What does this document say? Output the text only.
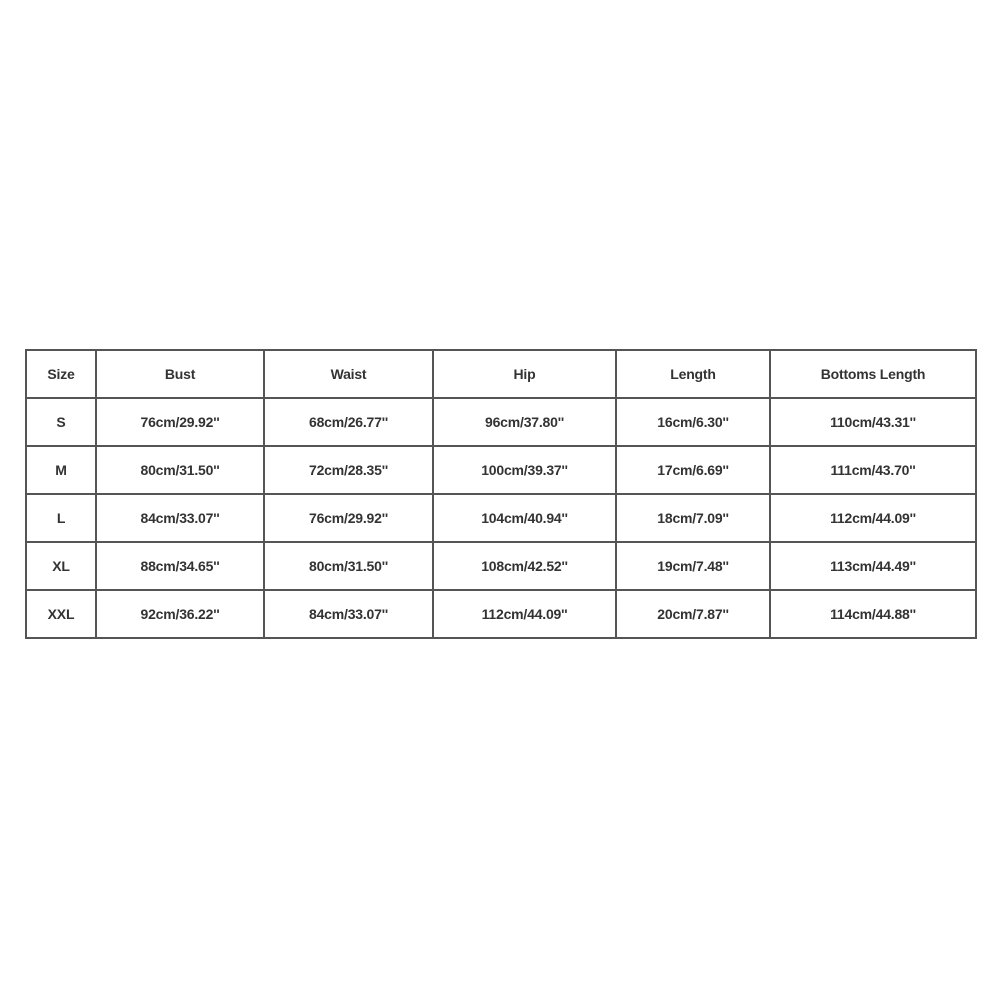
Size	Bust	Waist	Hip	Length	Bottoms Length
S	76cm/29.92''	68cm/26.77''	96cm/37.80''	16cm/6.30''	110cm/43.31''
M	80cm/31.50''	72cm/28.35''	100cm/39.37''	17cm/6.69''	111cm/43.70''
L	84cm/33.07''	76cm/29.92''	104cm/40.94''	18cm/7.09''	112cm/44.09''
XL	88cm/34.65''	80cm/31.50''	108cm/42.52''	19cm/7.48''	113cm/44.49''
XXL	92cm/36.22''	84cm/33.07''	112cm/44.09''	20cm/7.87''	114cm/44.88''
